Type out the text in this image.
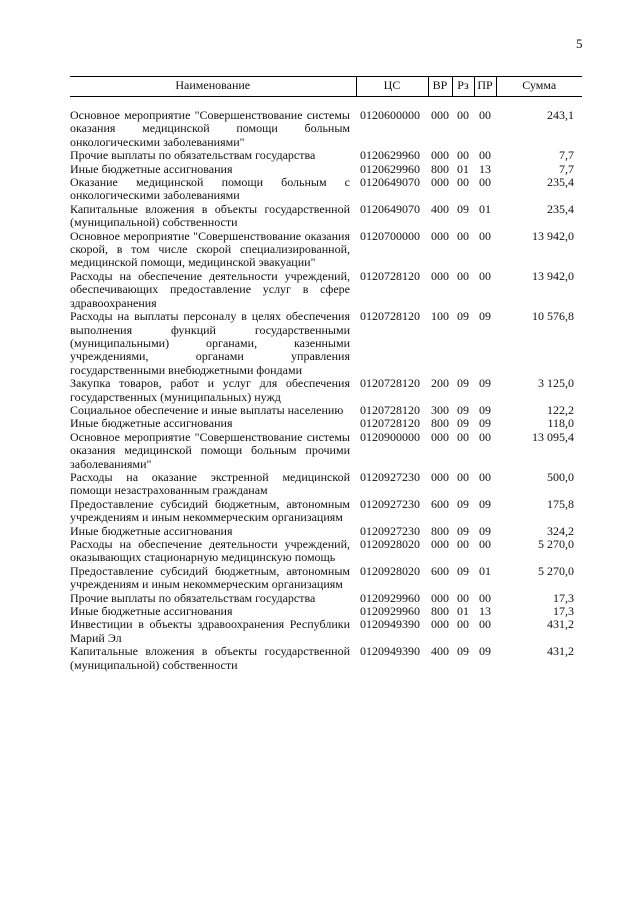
5
Наименование	ЦС	ВР	Рз	ПР	Сумма
Основное мероприятие "Совершенствование системы оказания медицинской помощи больным онкологическими заболеваниями"	0120600000	000	00	00	243,1
Прочие выплаты по обязательствам государства	0120629960	000	00	00	7,7
Иные бюджетные ассигнования	0120629960	800	01	13	7,7
Оказание медицинской помощи больным с онкологическими заболеваниями	0120649070	000	00	00	235,4
Капитальные вложения в объекты государственной (муниципальной) собственности	0120649070	400	09	01	235,4
Основное мероприятие "Совершенствование оказания скорой, в том числе скорой специализированной, медицинской помощи, медицинской эвакуации"	0120700000	000	00	00	13 942,0
Расходы на обеспечение деятельности учреждений, обеспечивающих предоставление услуг в сфере здравоохранения	0120728120	000	00	00	13 942,0
Расходы на выплаты персоналу в целях обеспечения выполнения функций государственными (муниципальными) органами, казенными учреждениями, органами управления государственными внебюджетными фондами	0120728120	100	09	09	10 576,8
Закупка товаров, работ и услуг для обеспечения государственных (муниципальных) нужд	0120728120	200	09	09	3 125,0
Социальное обеспечение и иные выплаты населению	0120728120	300	09	09	122,2
Иные бюджетные ассигнования	0120728120	800	09	09	118,0
Основное мероприятие "Совершенствование системы оказания медицинской помощи больным прочими заболеваниями"	0120900000	000	00	00	13 095,4
Расходы на оказание экстренной медицинской помощи незастрахованным гражданам	0120927230	000	00	00	500,0
Предоставление субсидий бюджетным, автономным учреждениям и иным некоммерческим организациям	0120927230	600	09	09	175,8
Иные бюджетные ассигнования	0120927230	800	09	09	324,2
Расходы на обеспечение деятельности учреждений, оказывающих стационарную медицинскую помощь	0120928020	000	00	00	5 270,0
Предоставление субсидий бюджетным, автономным учреждениям и иным некоммерческим организациям	0120928020	600	09	01	5 270,0
Прочие выплаты по обязательствам государства	0120929960	000	00	00	17,3
Иные бюджетные ассигнования	0120929960	800	01	13	17,3
Инвестиции в объекты здравоохранения Республики Марий Эл	0120949390	000	00	00	431,2
Капитальные вложения в объекты государственной (муниципальной) собственности	0120949390	400	09	09	431,2
